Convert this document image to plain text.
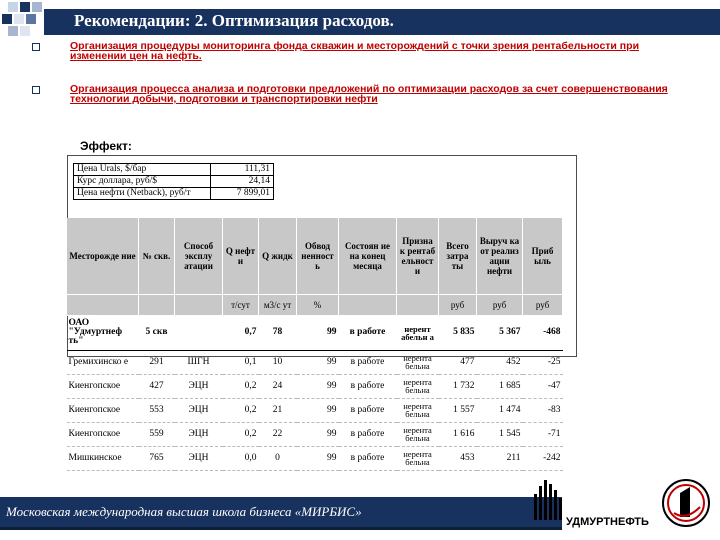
Рекомендации: 2. Оптимизация расходов.
Организация процедуры мониторинга фонда скважин и месторождений с точки зрения рентабельности при изменении цен на нефть.
Организация процесса анализа и подготовки предложений по оптимизации расходов за счет совершенствования технологии добычи, подготовки и транспортировки нефти
Эффект:
Цена Urals, $/бар	111,31
Курс доллара, руб/$	24,14
Цена нефти (Netback), руб/т	7 899,01
Месторожде ние	№ скв.	Способ эксплу атации	Q нефт и	Q жидк	Обвод ненност ь	Состоян ие на конец месяца	Призна к рентаб ельност и	Всего затра ты	Выруч ка от реализ ации нефти	Приб ыль
			т/сут	м3/с ут	%			руб	руб	руб
ОАО "Удмуртнеф ть"	5 скв		0,7	78	99	в работе	нерент абельн а	5 835	5 367	-468
Гремихинско е	291	ШГН	0,1	10	99	в работе	нерента бельна	477	452	-25
Киенгопское	427	ЭЦН	0,2	24	99	в работе	нерента бельна	1 732	1 685	-47
Киенгопское	553	ЭЦН	0,2	21	99	в работе	нерента бельна	1 557	1 474	-83
Киенгопское	559	ЭЦН	0,2	22	99	в работе	нерента бельна	1 616	1 545	-71
Мишкинское	765	ЭЦН	0,0	0	99	в работе	нерента бельна	453	211	-242
Московская международная высшая школа бизнеса «МИРБИС»
УДМУРТНЕФТЬ
